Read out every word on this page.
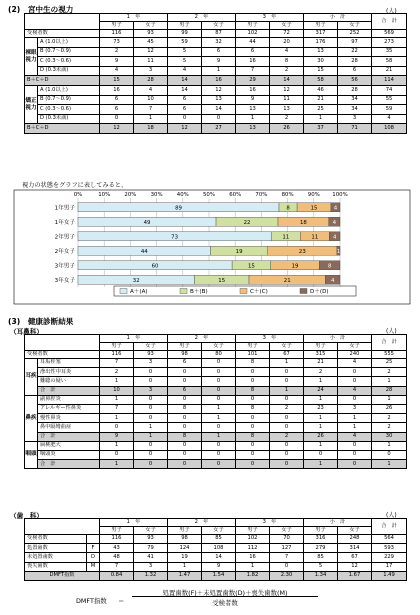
(2)　宮中生の視力	(人)
		1　年		2　年		3　年		小　計		合　計
		男子	女子	男子	女子	男子	女子	男子	女子	
受検者数		116	93	99	87	102	72	317	252	569
裸眼視力	A (1.0以上)	73	45	59	32	44	20	176	97	273
	B (0.7～0.9)	2	12	5	6	6	4	13	22	35
	C (0.3～0.6)	9	11	5	9	16	8	30	28	58
	D (0.3未満)	4	3	4	1	7	2	15	6	21
B＋C＋D		15	28	14	16	29	14	58	56	114
矯正視力	A (1.0以上)	16	4	14	12	16	12	46	28	74
	B (0.7～0.9)	6	10	6	13	9	11	21	34	55
	C (0.3～0.6)	6	7	6	14	13	13	25	34	59
	D (0.3未満)	0	1	0	0	1	2	1	3	4
B＋C＋D		12	18	12	27	13	26	37	71	108
視力の状態をグラフに表してみると、
0%	10%	20%	30%	40%	50%	60%	70%	80%	90% 100%
1年男子	89	8	15	4
1年女子	49	22	18	4
2年男子	73	11	11	4
2年女子	44	19	23	1
3年男子	60	15	19	8
3年女子	32	15	21	4
A＋(A)	B＋(B)	C＋(C)	D＋(D)
(3)　健康診断結果
（耳鼻科）	(人)
		1　年		2　年		3　年		小　計		合　計
		男子	女子	男子	女子	男子	女子	男子	女子	
受検者数		116	93	98	80	101	67	315	240	555
耳疾	耳垢栓塞	7	3	6	0	8	1	21	4	25
	滲出性中耳炎	2	0	0	0	0	0	2	0	2
	難聴の疑い	1	0	0	0	0	0	1	0	1
	合　計	10	3	6	0	8	1	24	4	28
鼻疾	副鼻腔炎	1	0	0	0	0	0	1	0	1
	アレルギー性鼻炎	7	0	8	1	8	2	23	3	26
	慢性鼻炎	1	0	0	1	0	0	1	1	2
	鼻中隔彎曲症	0	1	0	0	0	0	1	1	2
	合　計	9	1	8	1	8	2	26	4	30
咽頭	扁桃肥大	1	0	0	0	0	0	1	0	1
	咽頭炎	0	0	0	0	0	0	0	0	0
	合　計	1	0	0	0	0	0	1	0	1
（歯　科）	(人)
		1　年		2　年		3　年		小　計		合　計
		男子	女子	男子	女子	男子	女子	男子	女子	
受検者数		116	93	98	85	102	70	316	248	564
処置歯数	F	43	79	124	108	112	127	279	314	593
未処置歯数	D	48	41	19	14	16	7	85	67	229
喪失歯数	M	7	3	1	9	1	0	5	12	17
DMFT指数		0.84	1.32	1.47	1.54	1.82	2.30	1.34	1.67	1.49
DMFT指数 ＝
処置歯数(F)＋未処置歯数(D)＋喪失歯数(M)
受検者数
